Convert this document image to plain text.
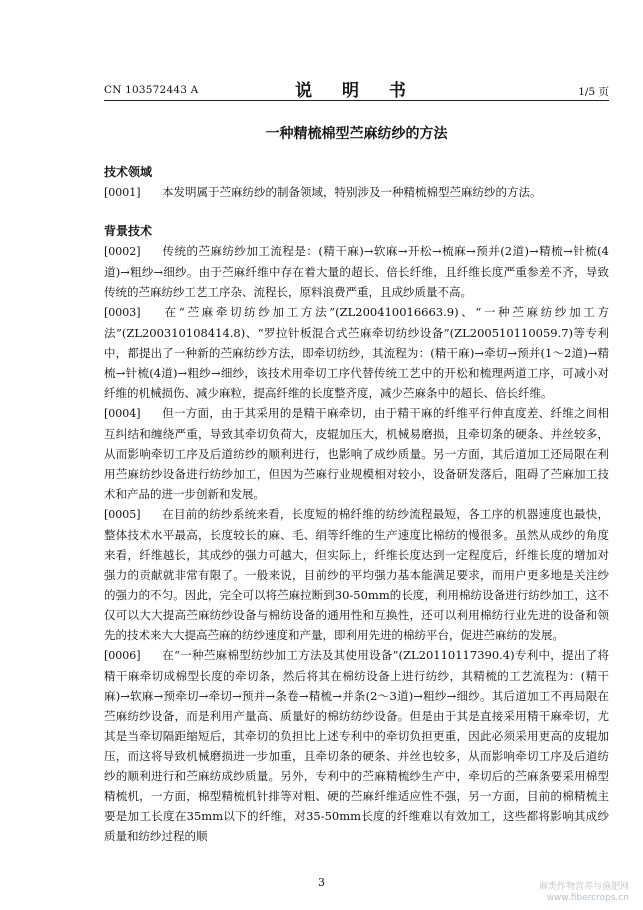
CN 103572443 A	说 明 书	1/5 页
一种精梳棉型苎麻纺纱的方法
技术领域
[0001] 本发明属于苎麻纺纱的制备领域，特别涉及一种精梳棉型苎麻纺纱的方法。
背景技术
[0002] 传统的苎麻纺纱加工流程是：(精干麻)→软麻→开松→梳麻→预并(2道)→精梳→针梳(4道)→粗纱→细纱。由于苎麻纤维中存在着大量的超长、倍长纤维，且纤维长度严重参差不齐，导致传统的苎麻纺纱工艺工序杂、流程长，原料浪费严重，且成纱质量不高。
[0003] 在“苎麻牵切纺纱加工方法”(ZL200410016663.9)、“一种苎麻纺纱加工方法”(ZL200310108414.8)、“罗拉针板混合式苎麻牵切纺纱设备”(ZL200510110059.7)等专利中，都提出了一种新的苎麻纺纱方法，即牵切纺纱，其流程为：(精干麻)→牵切→预并(1～2道)→精梳→针梳(4道)→粗纱→细纱，该技术用牵切工序代替传统工艺中的开松和梳理两道工序，可减小对纤维的机械损伤、减少麻粒，提高纤维的长度整齐度，减少苎麻条中的超长、倍长纤维。
[0004] 但一方面，由于其采用的是精干麻牵切，由于精干麻的纤维平行伸直度差、纤维之间相互纠结和缠绕严重，导致其牵切负荷大，皮辊加压大，机械易磨损，且牵切条的硬条、并丝较多，从而影响牵切工序及后道纺纱的顺利进行，也影响了成纱质量。另一方面，其后道加工还局限在利用苎麻纺纱设备进行纺纱加工，但因为苎麻行业规模相对较小，设备研发落后，阻碍了苎麻加工技术和产品的进一步创新和发展。
[0005] 在目前的纺纱系统来看，长度短的棉纤维的纺纱流程最短，各工序的机器速度也最快，整体技术水平最高，长度较长的麻、毛、绢等纤维的生产速度比棉纺的慢很多。虽然从成纱的角度来看，纤维越长，其成纱的强力可越大，但实际上，纤维长度达到一定程度后，纤维长度的增加对强力的贡献就非常有限了。一般来说，目前纱的平均强力基本能满足要求，而用户更多地是关注纱的强力的不匀。因此，完全可以将苎麻拉断到30-50mm的长度，利用棉纺设备进行纺纱加工，这不仅可以大大提高苎麻纺纱设备与棉纺设备的通用性和互换性，还可以利用棉纺行业先进的设备和领先的技术来大大提高苎麻的纺纱速度和产量，即利用先进的棉纺平台，促进苎麻纺的发展。
[0006] 在“一种苎麻棉型纺纱加工方法及其使用设备”(ZL20110117390.4)专利中，提出了将精干麻牵切成棉型长度的牵切条，然后将其在棉纺设备上进行纺纱，其精梳的工艺流程为：(精干麻)→软麻→预牵切→牵切→预并→条卷→精梳→并条(2～3道)→粗纱→细纱。其后道加工不再局限在苎麻纺纱设备，而是利用产量高、质量好的棉纺纺纱设备。但是由于其是直接采用精干麻牵切，尤其是当牵切隔距缩短后，其牵切的负担比上述专利中的牵切负担更重，因此必须采用更高的皮辊加压，而这将导致机械磨损进一步加重，且牵切条的硬条、并丝也较多，从而影响牵切工序及后道纺纱的顺利进行和苎麻纺成纱质量。另外，专利中的苎麻精梳纱生产中，牵切后的苎麻条要采用棉型精梳机，一方面，棉型精梳机针排等对粗、硬的苎麻纤维适应性不强，另一方面，目前的棉精梳主要是加工长度在35mm以下的纤维，对35-50mm长度的纤维难以有效加工，这些都将影响其成纱质量和纺纱过程的顺
3	麻类作物营养与施肥网
www.fibercrops.cn
